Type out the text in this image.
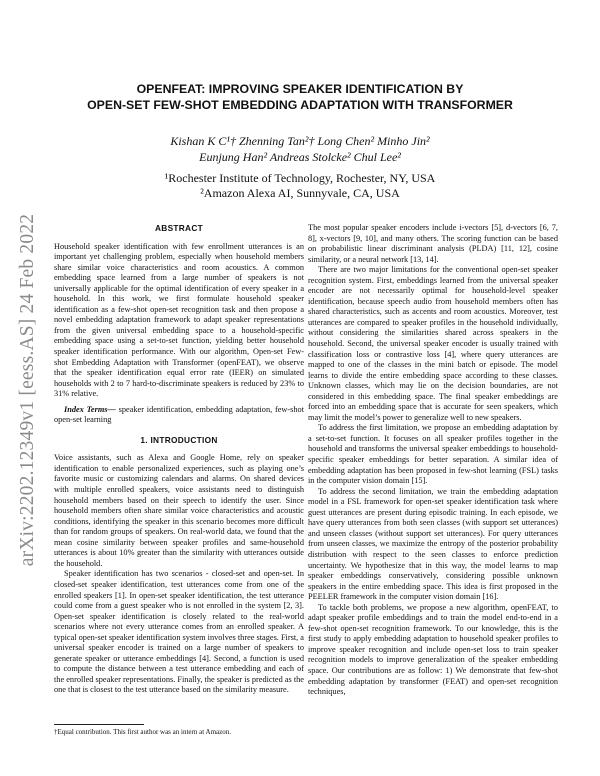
arXiv:2202.12349v1 [eess.AS] 24 Feb 2022
OPENFEAT: IMPROVING SPEAKER IDENTIFICATION BY
OPEN-SET FEW-SHOT EMBEDDING ADAPTATION WITH TRANSFORMER
Kishan K C¹† Zhenning Tan²† Long Chen² Minho Jin²
Eunjung Han² Andreas Stolcke² Chul Lee²
¹Rochester Institute of Technology, Rochester, NY, USA
²Amazon Alexa AI, Sunnyvale, CA, USA
ABSTRACT
Household speaker identification with few enrollment utterances is an important yet challenging problem, especially when household members share similar voice characteristics and room acoustics. A common embedding space learned from a large number of speakers is not universally applicable for the optimal identification of every speaker in a household. In this work, we first formulate household speaker identification as a few-shot open-set recognition task and then propose a novel embedding adaptation framework to adapt speaker representations from the given universal embedding space to a household-specific embedding space using a set-to-set function, yielding better household speaker identification performance. With our algorithm, Open-set Few-shot Embedding Adaptation with Transformer (openFEAT), we observe that the speaker identification equal error rate (IEER) on simulated households with 2 to 7 hard-to-discriminate speakers is reduced by 23% to 31% relative.
Index Terms— speaker identification, embedding adaptation, few-shot open-set learning
1. INTRODUCTION
Voice assistants, such as Alexa and Google Home, rely on speaker identification to enable personalized experiences, such as playing one’s favorite music or customizing calendars and alarms. On shared devices with multiple enrolled speakers, voice assistants need to distinguish household members based on their speech to identify the user. Since household members often share similar voice characteristics and acoustic conditions, identifying the speaker in this scenario becomes more difficult than for random groups of speakers. On real-world data, we found that the mean cosine similarity between speaker profiles and same-household utterances is about 10% greater than the similarity with utterances outside the household.
Speaker identification has two scenarios - closed-set and open-set. In closed-set speaker identification, test utterances come from one of the enrolled speakers [1]. In open-set speaker identification, the test utterance could come from a guest speaker who is not enrolled in the system [2, 3]. Open-set speaker identification is closely related to the real-world scenarios where not every utterance comes from an enrolled speaker. A typical open-set speaker identification system involves three stages. First, a universal speaker encoder is trained on a large number of speakers to generate speaker or utterance embeddings [4]. Second, a function is used to compute the distance between a test utterance embedding and each of the enrolled speaker representations. Finally, the speaker is predicted as the one that is closest to the test utterance based on the similarity measure.
†Equal contribution. This first author was an intern at Amazon.
The most popular speaker encoders include i-vectors [5], d-vectors [6, 7, 8], x-vectors [9, 10], and many others. The scoring function can be based on probabilistic linear discriminant analysis (PLDA) [11, 12], cosine similarity, or a neural network [13, 14].
There are two major limitations for the conventional open-set speaker recognition system. First, embeddings learned from the universal speaker encoder are not necessarily optimal for household-level speaker identification, because speech audio from household members often has shared characteristics, such as accents and room acoustics. Moreover, test utterances are compared to speaker profiles in the household individually, without considering the similarities shared across speakers in the household. Second, the universal speaker encoder is usually trained with classification loss or contrastive loss [4], where query utterances are mapped to one of the classes in the mini batch or episode. The model learns to divide the entire embedding space according to these classes. Unknown classes, which may lie on the decision boundaries, are not considered in this embedding space. The final speaker embeddings are forced into an embedding space that is accurate for seen speakers, which may limit the model’s power to generalize well to new speakers.
To address the first limitation, we propose an embedding adaptation by a set-to-set function. It focuses on all speaker profiles together in the household and transforms the universal speaker embeddings to household-specific speaker embeddings for better separation. A similar idea of embedding adaptation has been proposed in few-shot learning (FSL) tasks in the computer vision domain [15].
To address the second limitation, we train the embedding adaptation model in a FSL framework for open-set speaker identification task where guest utterances are present during episodic training. In each episode, we have query utterances from both seen classes (with support set utterances) and unseen classes (without support set utterances). For query utterances from unseen classes, we maximize the entropy of the posterior probability distribution with respect to the seen classes to enforce prediction uncertainty. We hypothesize that in this way, the model learns to map speaker embeddings conservatively, considering possible unknown speakers in the entire embedding space. This idea is first proposed in the PEELER framework in the computer vision domain [16].
To tackle both problems, we propose a new algorithm, openFEAT, to adapt speaker profile embeddings and to train the model end-to-end in a few-shot open-set recognition framework. To our knowledge, this is the first study to apply embedding adaptation to household speaker profiles to improve speaker recognition and include open-set loss to train speaker recognition models to improve generalization of the speaker embedding space. Our contributions are as follow: 1) We demonstrate that few-shot embedding adaptation by transformer (FEAT) and open-set recognition techniques,
